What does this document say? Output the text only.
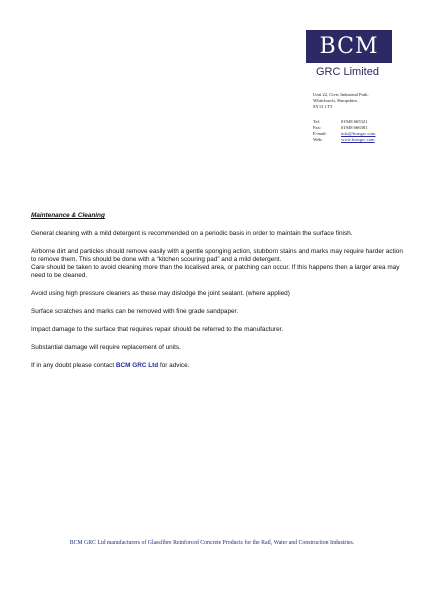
BCM
GRC Limited
Unit 22, Civic Industrial Park,
Whitchurch, Shropshire,
SY13 1TT
Tel:	01948 665321
Fax:	01948 666381
E-mail:	info@bcmgrc.com
Web:	www.bcmgrc.com
Maintenance & Cleaning
General cleaning with a mild detergent is recommended on a periodic basis in order to maintain the surface finish.
Airborne dirt and particles should remove easily with a gentle sponging action, stubborn stains and marks may require harder action to remove them. This should be done with a “kitchen scouring pad” and a mild detergent.
Care should be taken to avoid cleaning more than the localised area, or patching can occur. If this happens then a larger area may need to be cleaned.
Avoid using high pressure cleaners as these may dislodge the joint sealant. (where applied)
Surface scratches and marks can be removed with fine grade sandpaper.
Impact damage to the surface that requires repair should be referred to the manufacturer.
Substantial damage will require replacement of units.
If in any doubt please contact BCM GRC Ltd for advice.
BCM GRC Ltd manufacturers of Glassfibre Reinforced Concrete Products for the Rail, Water and Construction Industries.
